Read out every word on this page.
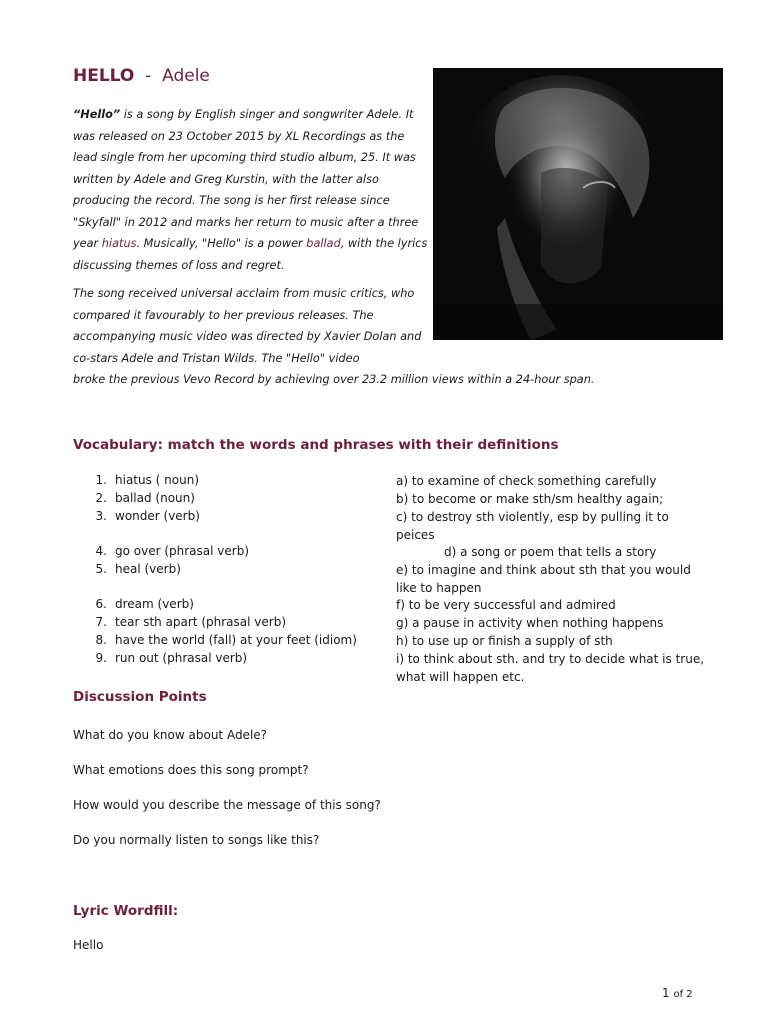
HELLO - Adele

“Hello” is a song by English singer and songwriter Adele. It was released on 23 October 2015 by XL Recordings as the lead single from her upcoming third studio album, 25. It was written by Adele and Greg Kurstin, with the latter also producing the record. The song is her first release since "Skyfall" in 2012 and marks her return to music after a three year hiatus. Musically, "Hello" is a power ballad, with the lyrics discussing themes of loss and regret.

The song received universal acclaim from music critics, who compared it favourably to her previous releases. The accompanying music video was directed by Xavier Dolan and co-stars Adele and Tristan Wilds. The "Hello" video
broke the previous Vevo Record by achieving over 23.2 million views within a 24-hour span.

Vocabulary: match the words and phrases with their definitions
1. hiatus ( noun)
2. ballad (noun)
3. wonder (verb)
4. go over (phrasal verb)
5. heal (verb)
6. dream (verb)
7. tear sth apart (phrasal verb)
8. have the world (fall) at your feet (idiom)
9. run out (phrasal verb)
a) to examine of check something carefully
b) to become or make sth/sm healthy again;
c) to destroy sth violently, esp by pulling it to peices
d) a song or poem that tells a story
e) to imagine and think about sth that you would like to happen
f) to be very successful and admired
g) a pause in activity when nothing happens
h) to use up or finish a supply of sth
i) to think about sth. and try to decide what is true, what will happen etc.
Discussion Points
What do you know about Adele?
What emotions does this song prompt?
How would you describe the message of this song?
Do you normally listen to songs like this?
Lyric Wordfill:
Hello
1 of 2
